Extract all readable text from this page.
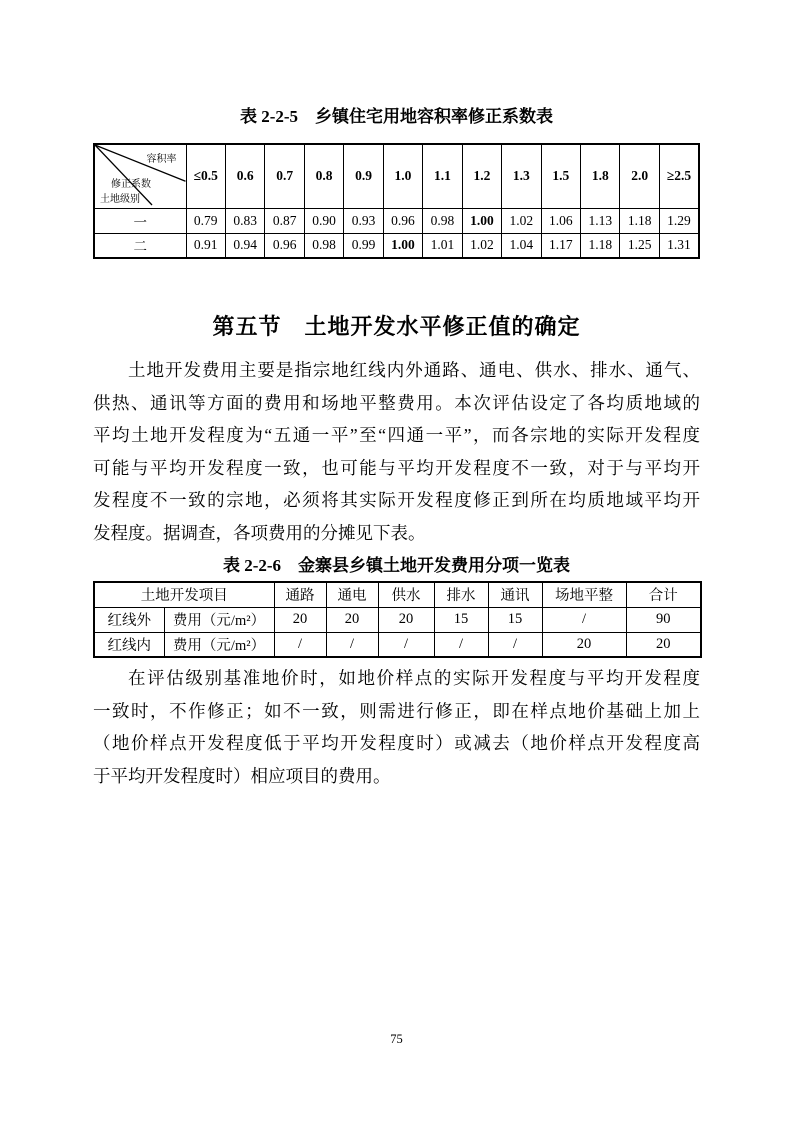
表 2-2-5　乡镇住宅用地容积率修正系数表
容积率
修正系数
土地级别	≤0.5	0.6	0.7	0.8	0.9	1.0	1.1	1.2	1.3	1.5	1.8	2.0	≥2.5
一	0.79	0.83	0.87	0.90	0.93	0.96	0.98	1.00	1.02	1.06	1.13	1.18	1.29
二	0.91	0.94	0.96	0.98	0.99	1.00	1.01	1.02	1.04	1.17	1.18	1.25	1.31
第五节　土地开发水平修正值的确定
土地开发费用主要是指宗地红线内外通路、通电、供水、排水、通气、
供热、通讯等方面的费用和场地平整费用。本次评估设定了各均质地域的
平均土地开发程度为“五通一平”至“四通一平”，而各宗地的实际开发程度
可能与平均开发程度一致，也可能与平均开发程度不一致，对于与平均开
发程度不一致的宗地，必须将其实际开发程度修正到所在均质地域平均开
发程度。据调查，各项费用的分摊见下表。
表 2-2-6　金寨县乡镇土地开发费用分项一览表
土地开发项目		通路	通电	供水	排水	通讯	场地平整	合计
红线外	费用（元/m²）	20	20	20	15	15	/	90
红线内	费用（元/m²）	/	/	/	/	/	20	20
在评估级别基准地价时，如地价样点的实际开发程度与平均开发程度
一致时，不作修正；如不一致，则需进行修正，即在样点地价基础上加上
（地价样点开发程度低于平均开发程度时）或减去（地价样点开发程度高
于平均开发程度时）相应项目的费用。
75
